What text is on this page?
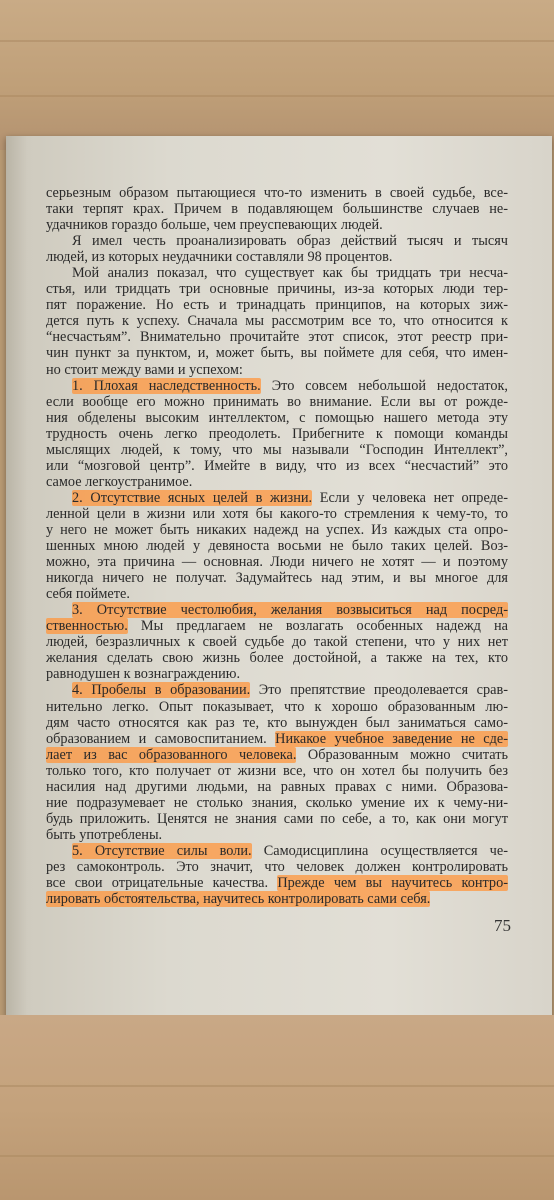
серьезным образом пытающиеся что-то изменить в своей судьбе, все-
таки терпят крах. Причем в подавляющем большинстве случаев не-
удачников гораздо больше, чем преуспевающих людей.
Я имел честь проанализировать образ действий тысяч и тысяч
людей, из которых неудачники составляли 98 процентов.
Мой анализ показал, что существует как бы тридцать три несча-
стья, или тридцать три основные причины, из-за которых люди тер-
пят поражение. Но есть и тринадцать принципов, на которых зиж-
дется путь к успеху. Сначала мы рассмотрим все то, что относится к
“несчастьям”. Внимательно прочитайте этот список, этот реестр при-
чин пункт за пунктом, и, может быть, вы поймете для себя, что имен-
но стоит между вами и успехом:
1. Плохая наследственность. Это совсем небольшой недостаток,
если вообще его можно принимать во внимание. Если вы от рожде-
ния обделены высоким интеллектом, с помощью нашего метода эту
трудность очень легко преодолеть. Прибегните к помощи команды
мыслящих людей, к тому, что мы называли “Господин Интеллект”,
или “мозговой центр”. Имейте в виду, что из всех “несчастий” это
самое легкоустранимое.
2. Отсутствие ясных целей в жизни. Если у человека нет опреде-
ленной цели в жизни или хотя бы какого-то стремления к чему-то, то
у него не может быть никаких надежд на успех. Из каждых ста опро-
шенных мною людей у девяноста восьми не было таких целей. Воз-
можно, эта причина — основная. Люди ничего не хотят — и поэтому
никогда ничего не получат. Задумайтесь над этим, и вы многое для
себя поймете.
3. Отсутствие честолюбия, желания возвыситься над посред-
ственностью. Мы предлагаем не возлагать особенных надежд на
людей, безразличных к своей судьбе до такой степени, что у них нет
желания сделать свою жизнь более достойной, а также на тех, кто
равнодушен к вознаграждению.
4. Пробелы в образовании. Это препятствие преодолевается срав-
нительно легко. Опыт показывает, что к хорошо образованным лю-
дям часто относятся как раз те, кто вынужден был заниматься само-
образованием и самовоспитанием. Никакое учебное заведение не сде-
лает из вас образованного человека. Образованным можно считать
только того, кто получает от жизни все, что он хотел бы получить без
насилия над другими людьми, на равных правах с ними. Образова-
ние подразумевает не столько знания, сколько умение их к чему-ни-
будь приложить. Ценятся не знания сами по себе, а то, как они могут
быть употреблены.
5. Отсутствие силы воли. Самодисциплина осуществляется че-
рез самоконтроль. Это значит, что человек должен контролировать
все свои отрицательные качества. Прежде чем вы научитесь контро-
лировать обстоятельства, научитесь контролировать сами себя.
75
